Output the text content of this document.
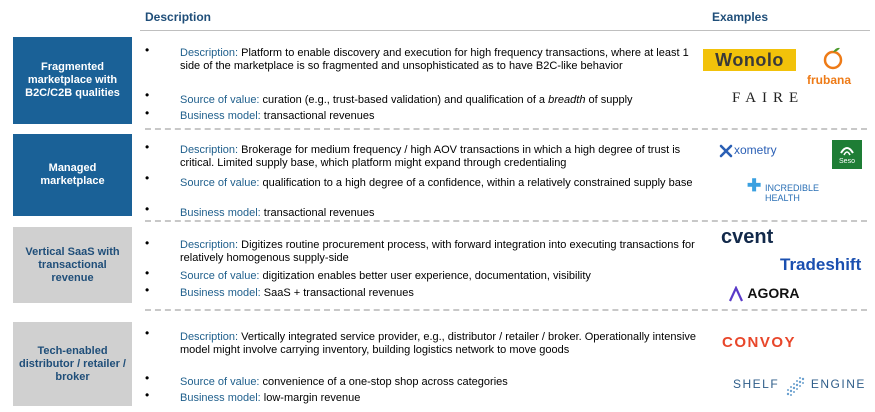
Description	Examples
Fragmented marketplace with B2C/C2B qualities
•
•
•
Description: Platform to enable discovery and execution for high frequency transactions, where at least 1 side of the marketplace is so fragmented and unsophisticated as to have B2C-like behavior
Source of value: curation (e.g., trust-based validation) and qualification of a breadth of supply
Business model: transactional revenues
Wonolo
frubana
FAIRE
Managed marketplace
•
•
•
Description: Brokerage for medium frequency / high AOV transactions in which a high degree of trust is critical. Limited supply base, which platform might expand through credentialing
Source of value: qualification to a high degree of a confidence, within a relatively constrained supply base
Business model: transactional revenues
xometry
Seso
✚ INCREDIBLE
HEALTH
Vertical SaaS with transactional revenue
•
•
•
Description: Digitizes routine procurement process, with forward integration into executing transactions for relatively homogenous supply-side
Source of value: digitization enables better user experience, documentation, visibility
Business model: SaaS + transactional revenues
cvent
Tradeshift
AGORA
Tech-enabled distributor / retailer / broker
•
•
•
Description: Vertically integrated service provider, e.g., distributor / retailer / broker. Operationally intensive model might involve carrying inventory, building logistics network to move goods
Source of value: convenience of a one-stop shop across categories
Business model: low-margin revenue
CONVOY
SHELF	ENGINE
